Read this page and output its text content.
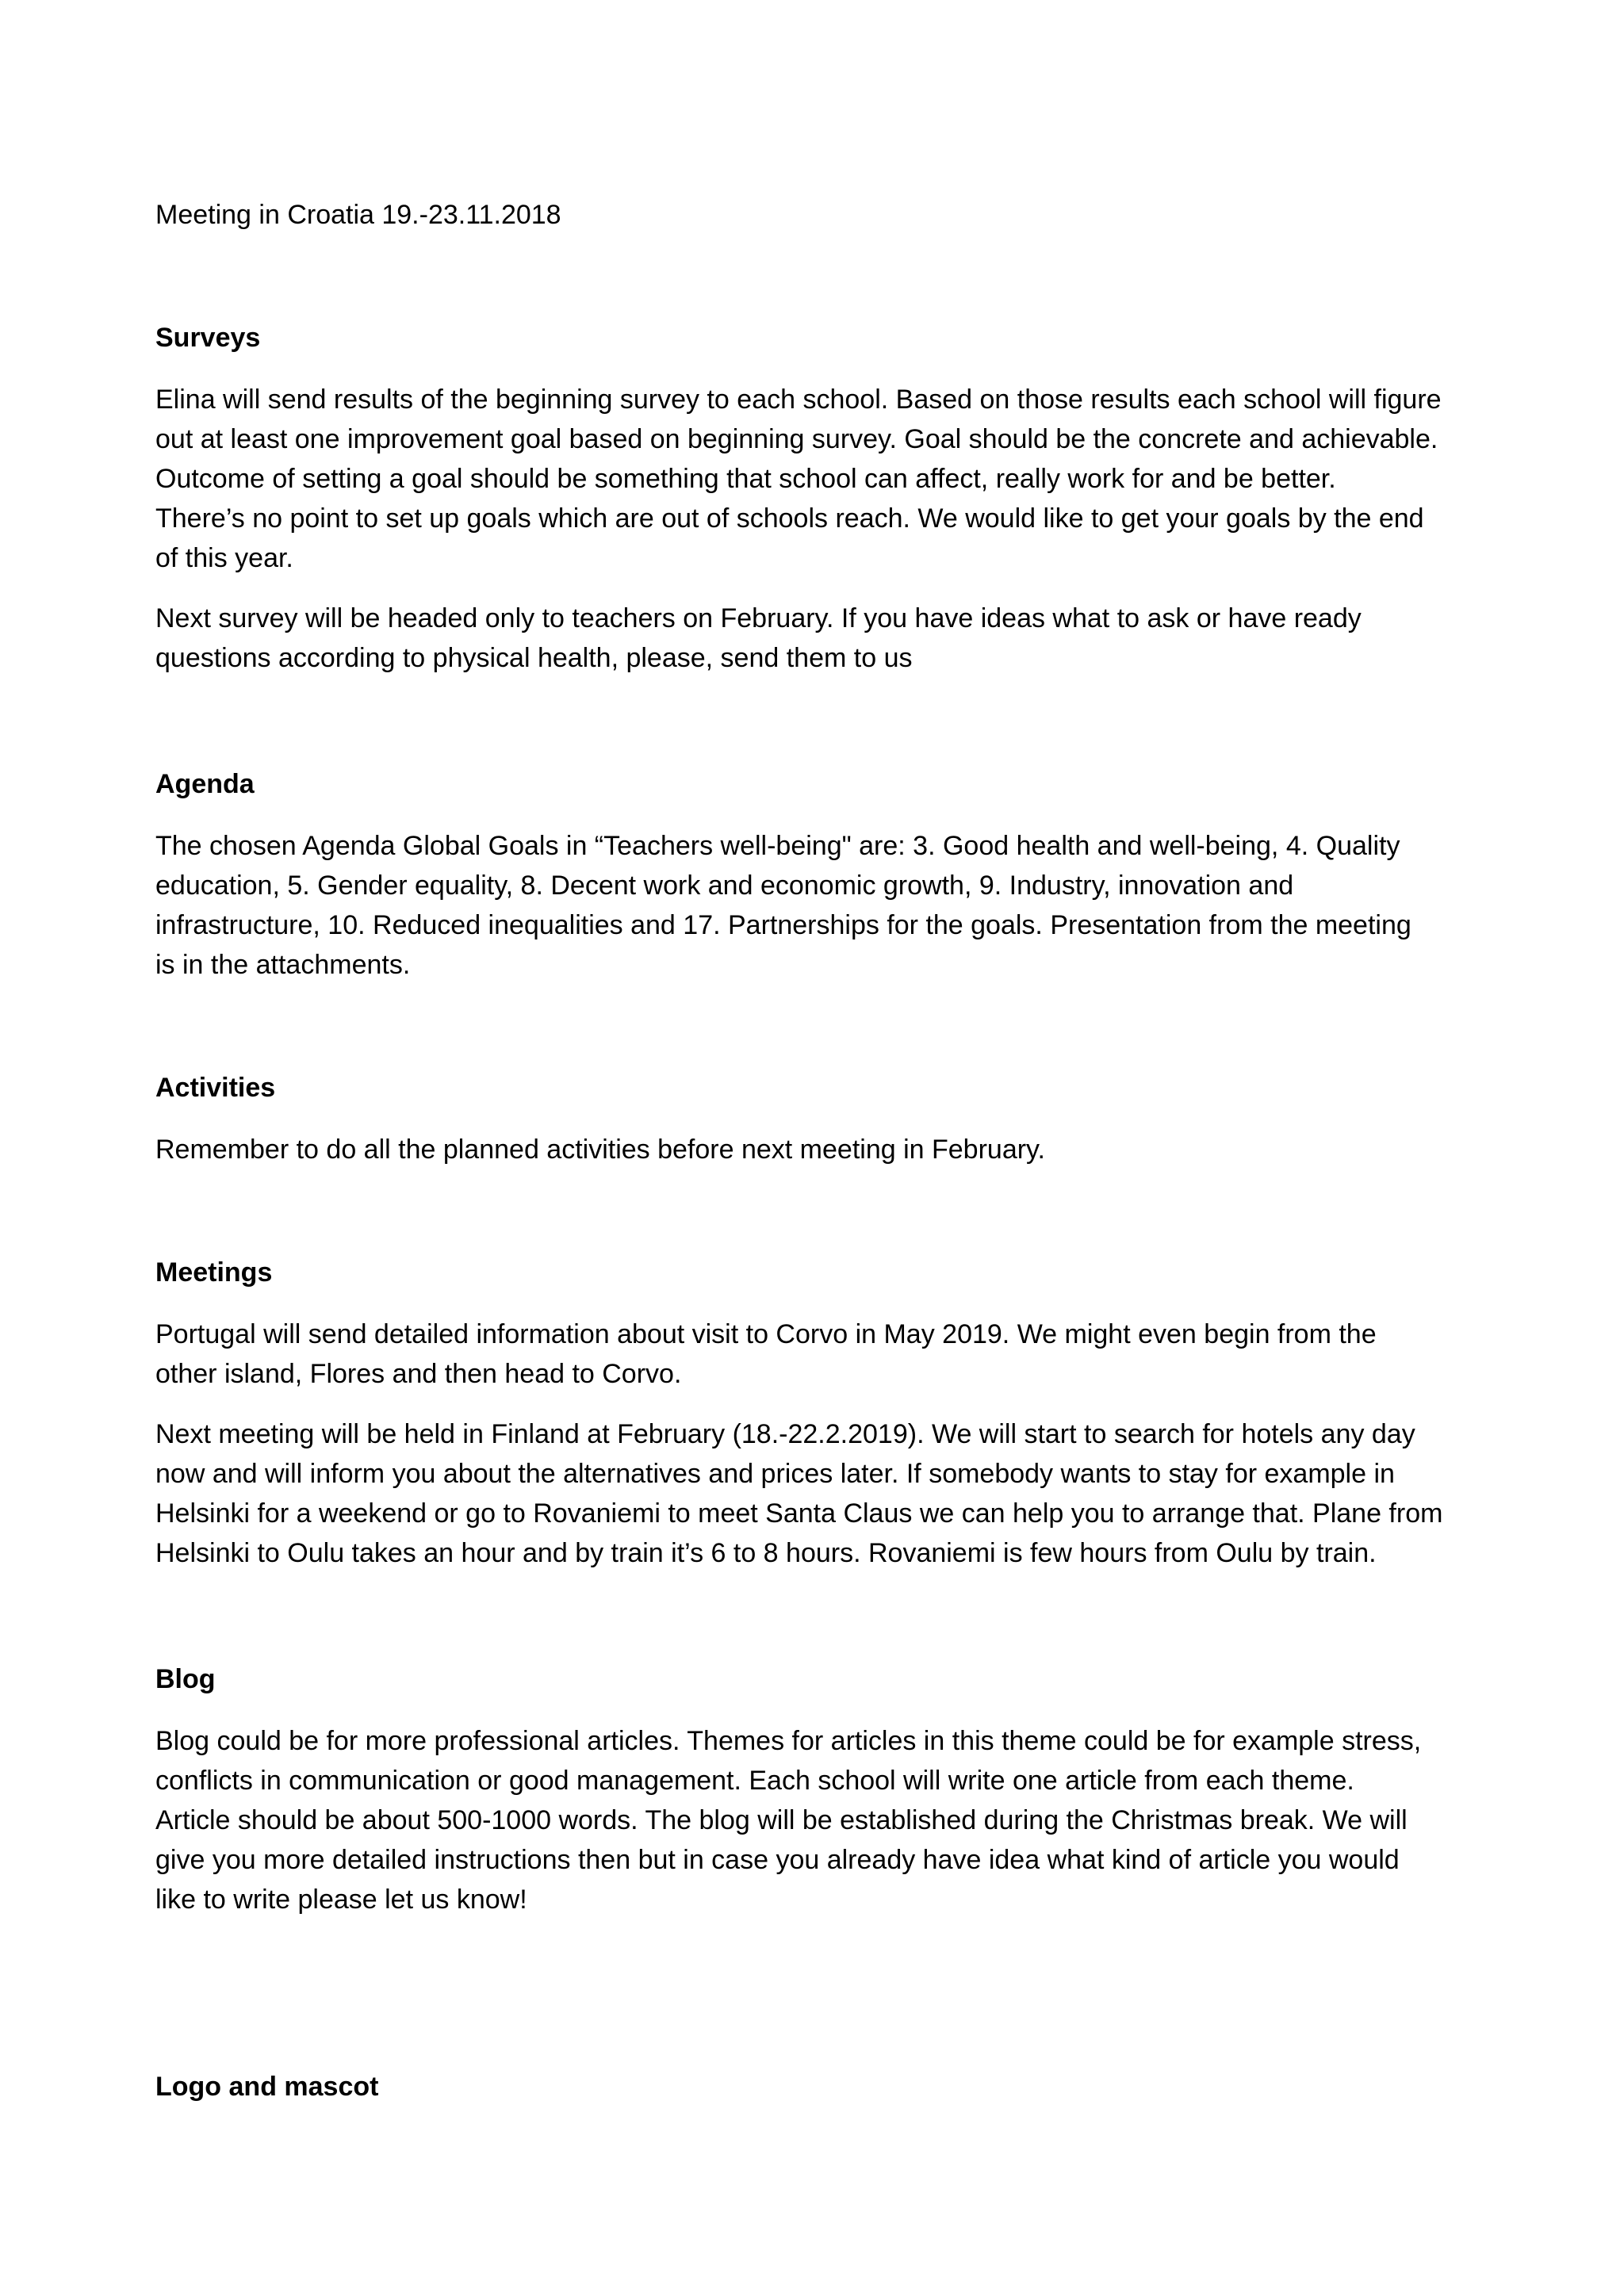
Meeting in Croatia 19.-23.11.2018
Surveys
Elina will send results of the beginning survey to each school. Based on those results each school will figure
out at least one improvement goal based on beginning survey. Goal should be the concrete and achievable.
Outcome of setting a goal should be something that school can affect, really work for and be better.
There’s no point to set up goals which are out of schools reach. We would like to get your goals by the end
of this year.
Next survey will be headed only to teachers on February. If you have ideas what to ask or have ready
questions according to physical health, please, send them to us
Agenda
The chosen Agenda Global Goals in “Teachers well-being" are: 3. Good health and well-being, 4. Quality
education, 5. Gender equality, 8. Decent work and economic growth, 9. Industry, innovation and
infrastructure, 10. Reduced inequalities and 17. Partnerships for the goals. Presentation from the meeting
is in the attachments.
Activities
Remember to do all the planned activities before next meeting in February.
Meetings
Portugal will send detailed information about visit to Corvo in May 2019. We might even begin from the
other island, Flores and then head to Corvo.
Next meeting will be held in Finland at February (18.-22.2.2019). We will start to search for hotels any day
now and will inform you about the alternatives and prices later. If somebody wants to stay for example in
Helsinki for a weekend or go to Rovaniemi to meet Santa Claus we can help you to arrange that. Plane from
Helsinki to Oulu takes an hour and by train it’s 6 to 8 hours. Rovaniemi is few hours from Oulu by train.
Blog
Blog could be for more professional articles. Themes for articles in this theme could be for example stress,
conflicts in communication or good management. Each school will write one article from each theme.
Article should be about 500-1000 words. The blog will be established during the Christmas break. We will
give you more detailed instructions then but in case you already have idea what kind of article you would
like to write please let us know!
Logo and mascot
